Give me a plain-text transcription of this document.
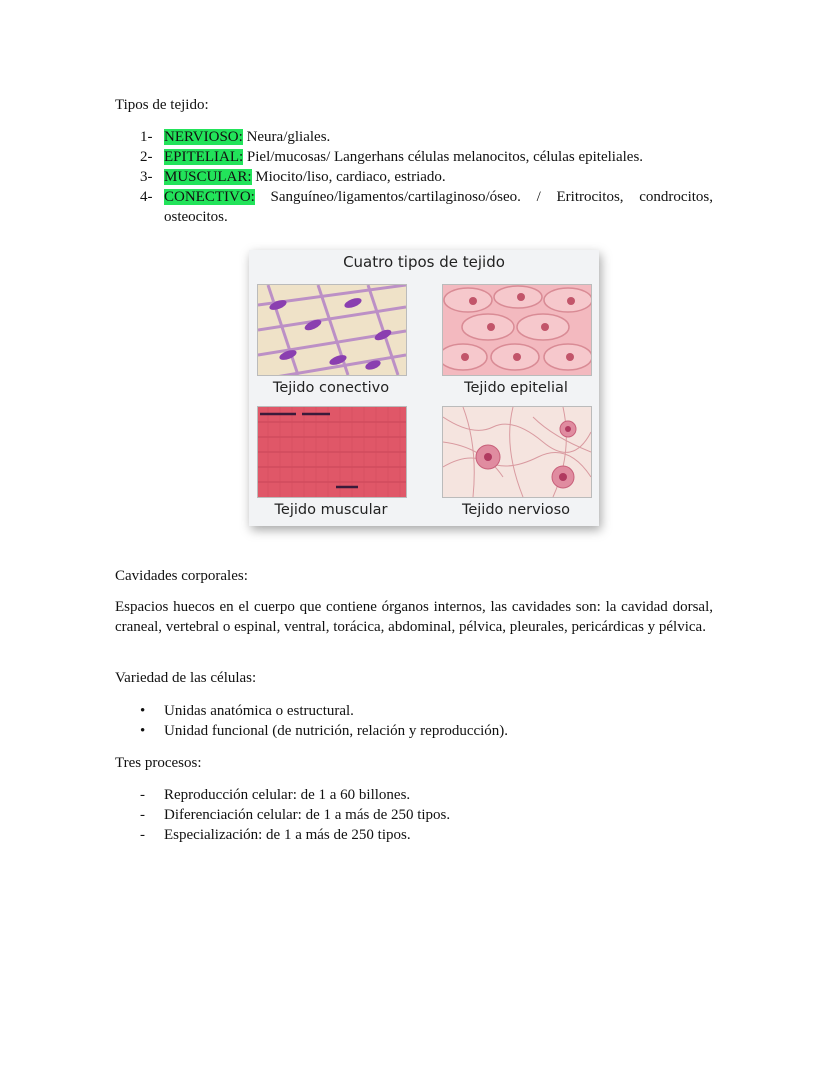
Tipos de tejido:

1- NERVIOSO: Neura/gliales.
2- EPITELIAL: Piel/mucosas/ Langerhans células melanocitos, células epiteliales.
3- MUSCULAR: Miocito/liso, cardiaco, estriado.
4- CONECTIVO: Sanguíneo/ligamentos/cartilaginoso/óseo. / Eritrocitos, condrocitos, osteocitos.
Cuatro tipos de tejido
Tejido conectivo	Tejido epitelial
Tejido muscular	Tejido nervioso

Cavidades corporales:

Espacios huecos en el cuerpo que contiene órganos internos, las cavidades son: la cavidad dorsal, craneal, vertebral o espinal, ventral, torácica, abdominal, pélvica, pleurales, pericárdicas y pélvica.

Variedad de las células:

• Unidas anatómica o estructural.
• Unidad funcional (de nutrición, relación y reproducción).

Tres procesos:

- Reproducción celular: de 1 a 60 billones.
- Diferenciación celular: de 1 a más de 250 tipos.
- Especialización: de 1 a más de 250 tipos.
